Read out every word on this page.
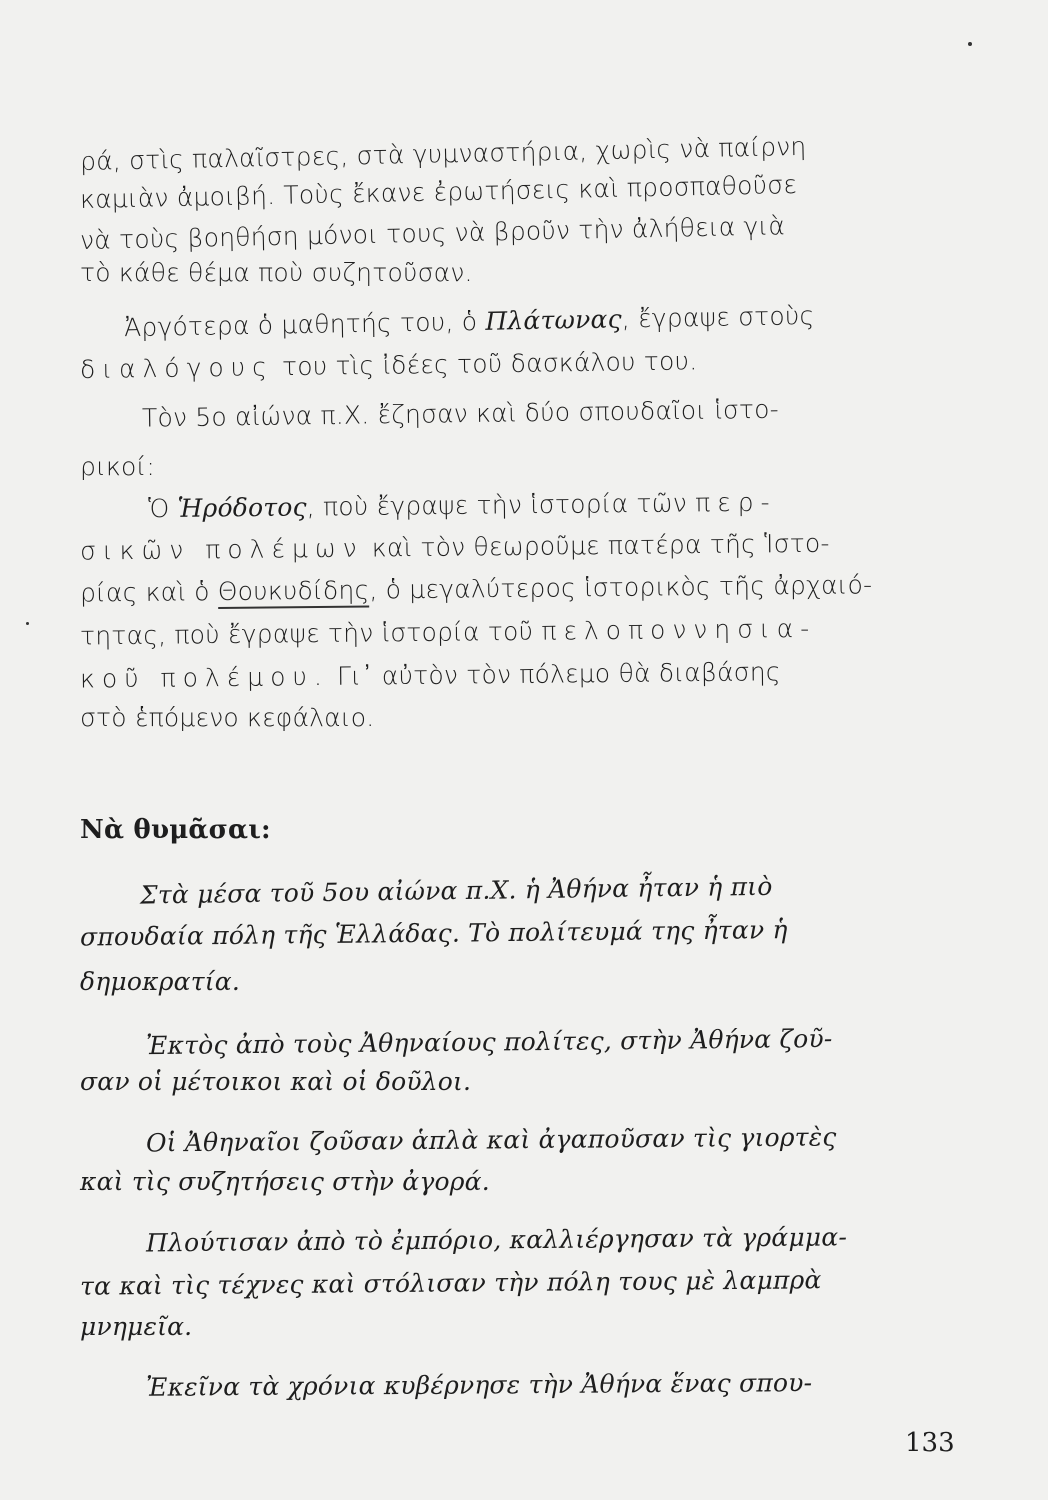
ρά, στὶς παλαῖστρες, στὰ γυμναστήρια, χωρὶς νὰ παίρνη
καμιὰν ἀμοιβή. Τοὺς ἔκανε ἐρωτήσεις καὶ προσπαθοῦσε
νὰ τοὺς βοηθήση μόνοι τους νὰ βροῦν τὴν ἀλήθεια γιὰ
τὸ κάθε θέμα ποὺ συζητοῦσαν.
Ἀργότερα ὁ μαθητής του, ὁ Πλάτωνας, ἔγραψε στοὺς
διαλόγους του τὶς ἰδέες τοῦ δασκάλου του.
Τὸν 5ο αἰώνα π.Χ. ἔζησαν καὶ δύο σπουδαῖοι ἱστο-
ρικοί:
Ὁ Ἡρόδοτος, ποὺ ἔγραψε τὴν ἱστορία τῶν περ-
σικῶν πολέμων καὶ τὸν θεωροῦμε πατέρα τῆς Ἱστο-
ρίας καὶ ὁ Θουκυδίδης, ὁ μεγαλύτερος ἱστορικὸς τῆς ἀρχαιό-
τητας, ποὺ ἔγραψε τὴν ἱστορία τοῦ πελοποννησια-
κοῦ πολέμου. Γι᾽ αὐτὸν τὸν πόλεμο θὰ διαβάσης
στὸ ἑπόμενο κεφάλαιο.
Νὰ θυμᾶσαι:
Στὰ μέσα τοῦ 5ου αἰώνα π.Χ. ἡ Ἀθήνα ἦταν ἡ πιὸ
σπουδαία πόλη τῆς Ἑλλάδας. Τὸ πολίτευμά της ἦταν ἡ
δημοκρατία.
Ἐκτὸς ἀπὸ τοὺς Ἀθηναίους πολίτες, στὴν Ἀθήνα ζοῦ-
σαν οἱ μέτοικοι καὶ οἱ δοῦλοι.
Οἱ Ἀθηναῖοι ζοῦσαν ἁπλὰ καὶ ἀγαποῦσαν τὶς γιορτὲς
καὶ τὶς συζητήσεις στὴν ἀγορά.
Πλούτισαν ἀπὸ τὸ ἐμπόριο, καλλιέργησαν τὰ γράμμα-
τα καὶ τὶς τέχνες καὶ στόλισαν τὴν πόλη τους μὲ λαμπρὰ
μνημεῖα.
Ἐκεῖνα τὰ χρόνια κυβέρνησε τὴν Ἀθήνα ἕνας σπου-
133
